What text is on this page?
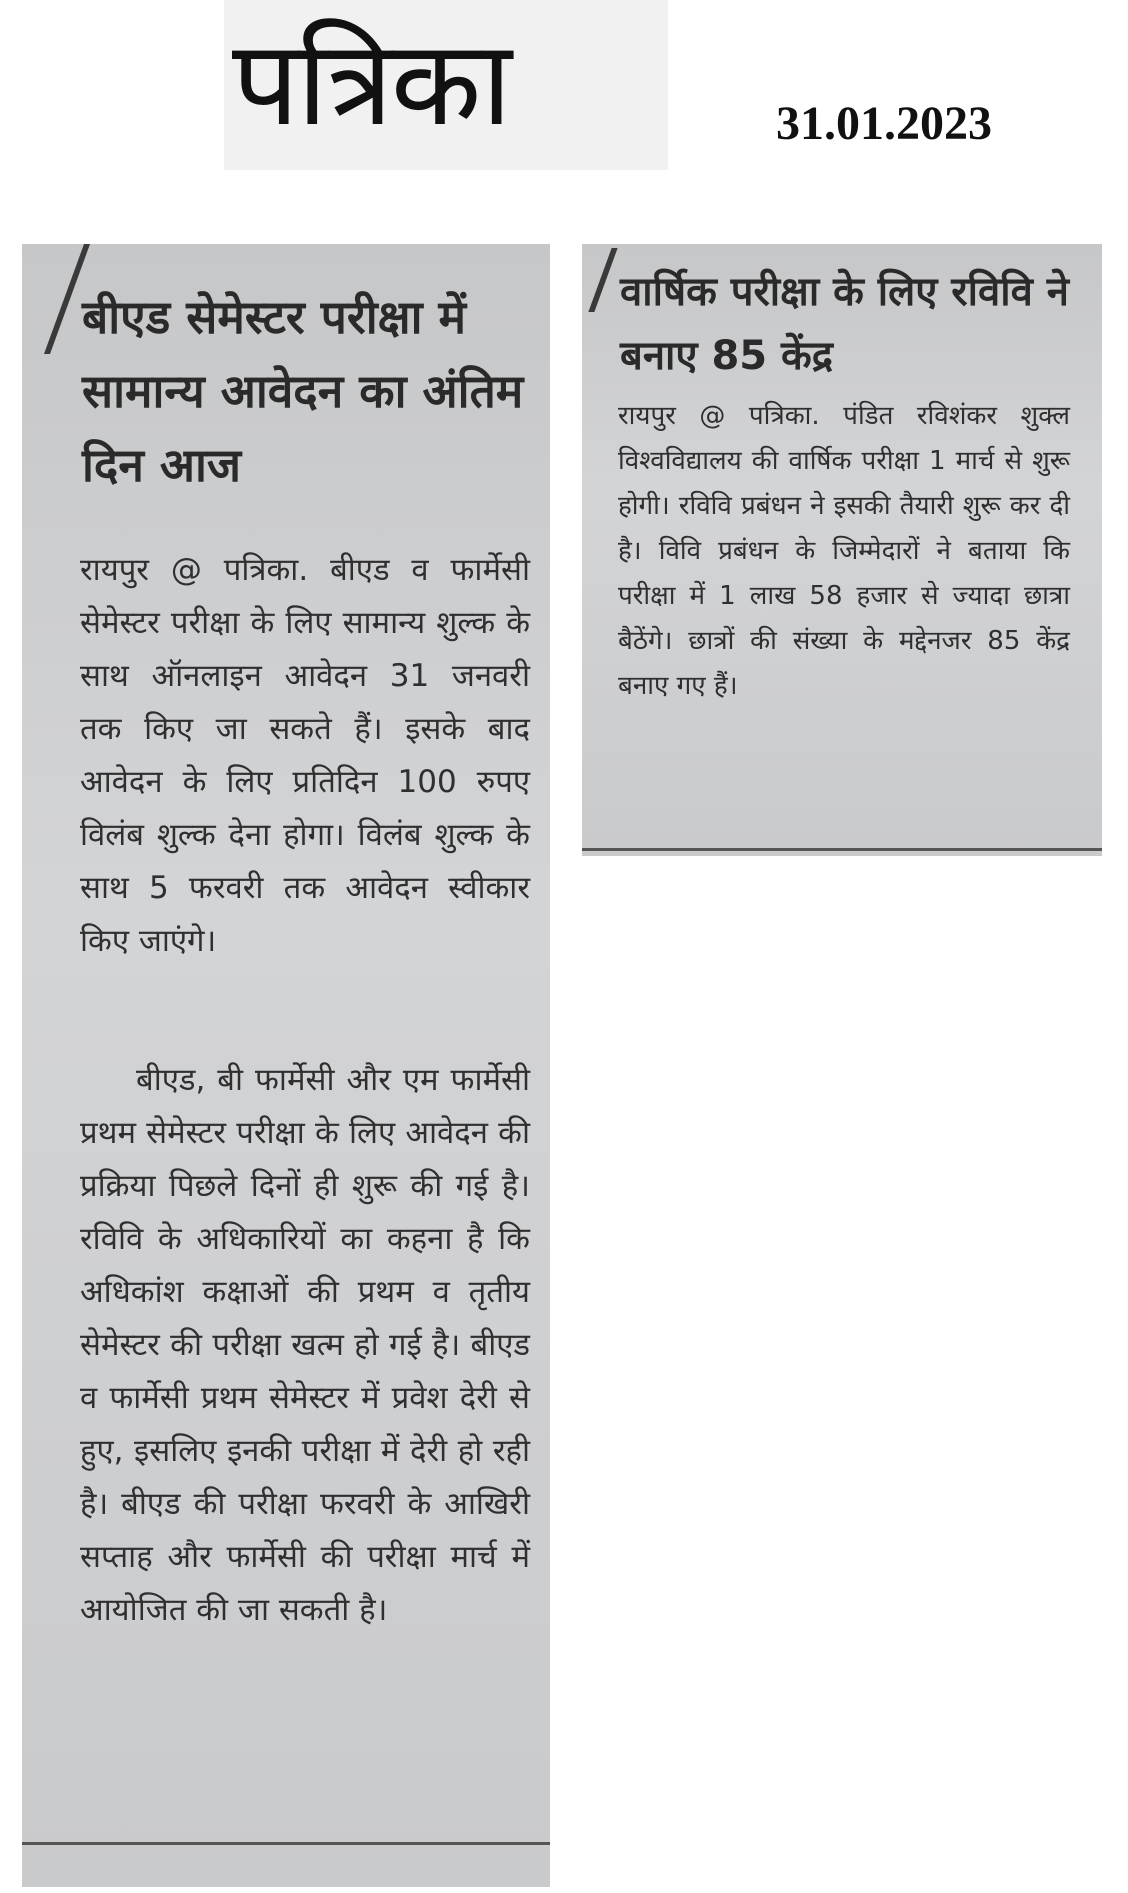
पत्रिका	31.01.2023
बीएड सेमेस्टर परीक्षा में सामान्य आवेदन का अंतिम दिन आज

रायपुर @ पत्रिका. बीएड व फार्मेसी सेमेस्टर परीक्षा के लिए सामान्य शुल्क के साथ ऑनलाइन आवेदन 31 जनवरी तक किए जा सकते हैं। इसके बाद आवेदन के लिए प्रतिदिन 100 रुपए विलंब शुल्क देना होगा। विलंब शुल्क के साथ 5 फरवरी तक आवेदन स्वीकार किए जाएंगे।

बीएड, बी फार्मेसी और एम फार्मेसी प्रथम सेमेस्टर परीक्षा के लिए आवेदन की प्रक्रिया पिछले दिनों ही शुरू की गई है। रविवि के अधिकारियों का कहना है कि अधिकांश कक्षाओं की प्रथम व तृतीय सेमेस्टर की परीक्षा खत्म हो गई है। बीएड व फार्मेसी प्रथम सेमेस्टर में प्रवेश देरी से हुए, इसलिए इनकी परीक्षा में देरी हो रही है। बीएड की परीक्षा फरवरी के आखिरी सप्ताह और फार्मेसी की परीक्षा मार्च में आयोजित की जा सकती है।

वार्षिक परीक्षा के लिए रविवि ने बनाए 85 केंद्र

रायपुर @ पत्रिका. पंडित रविशंकर शुक्ल विश्वविद्यालय की वार्षिक परीक्षा 1 मार्च से शुरू होगी। रविवि प्रबंधन ने इसकी तैयारी शुरू कर दी है। विवि प्रबंधन के जिम्मेदारों ने बताया कि परीक्षा में 1 लाख 58 हजार से ज्यादा छात्रा बैठेंगे। छात्रों की संख्या के मद्देनजर 85 केंद्र बनाए गए हैं।
